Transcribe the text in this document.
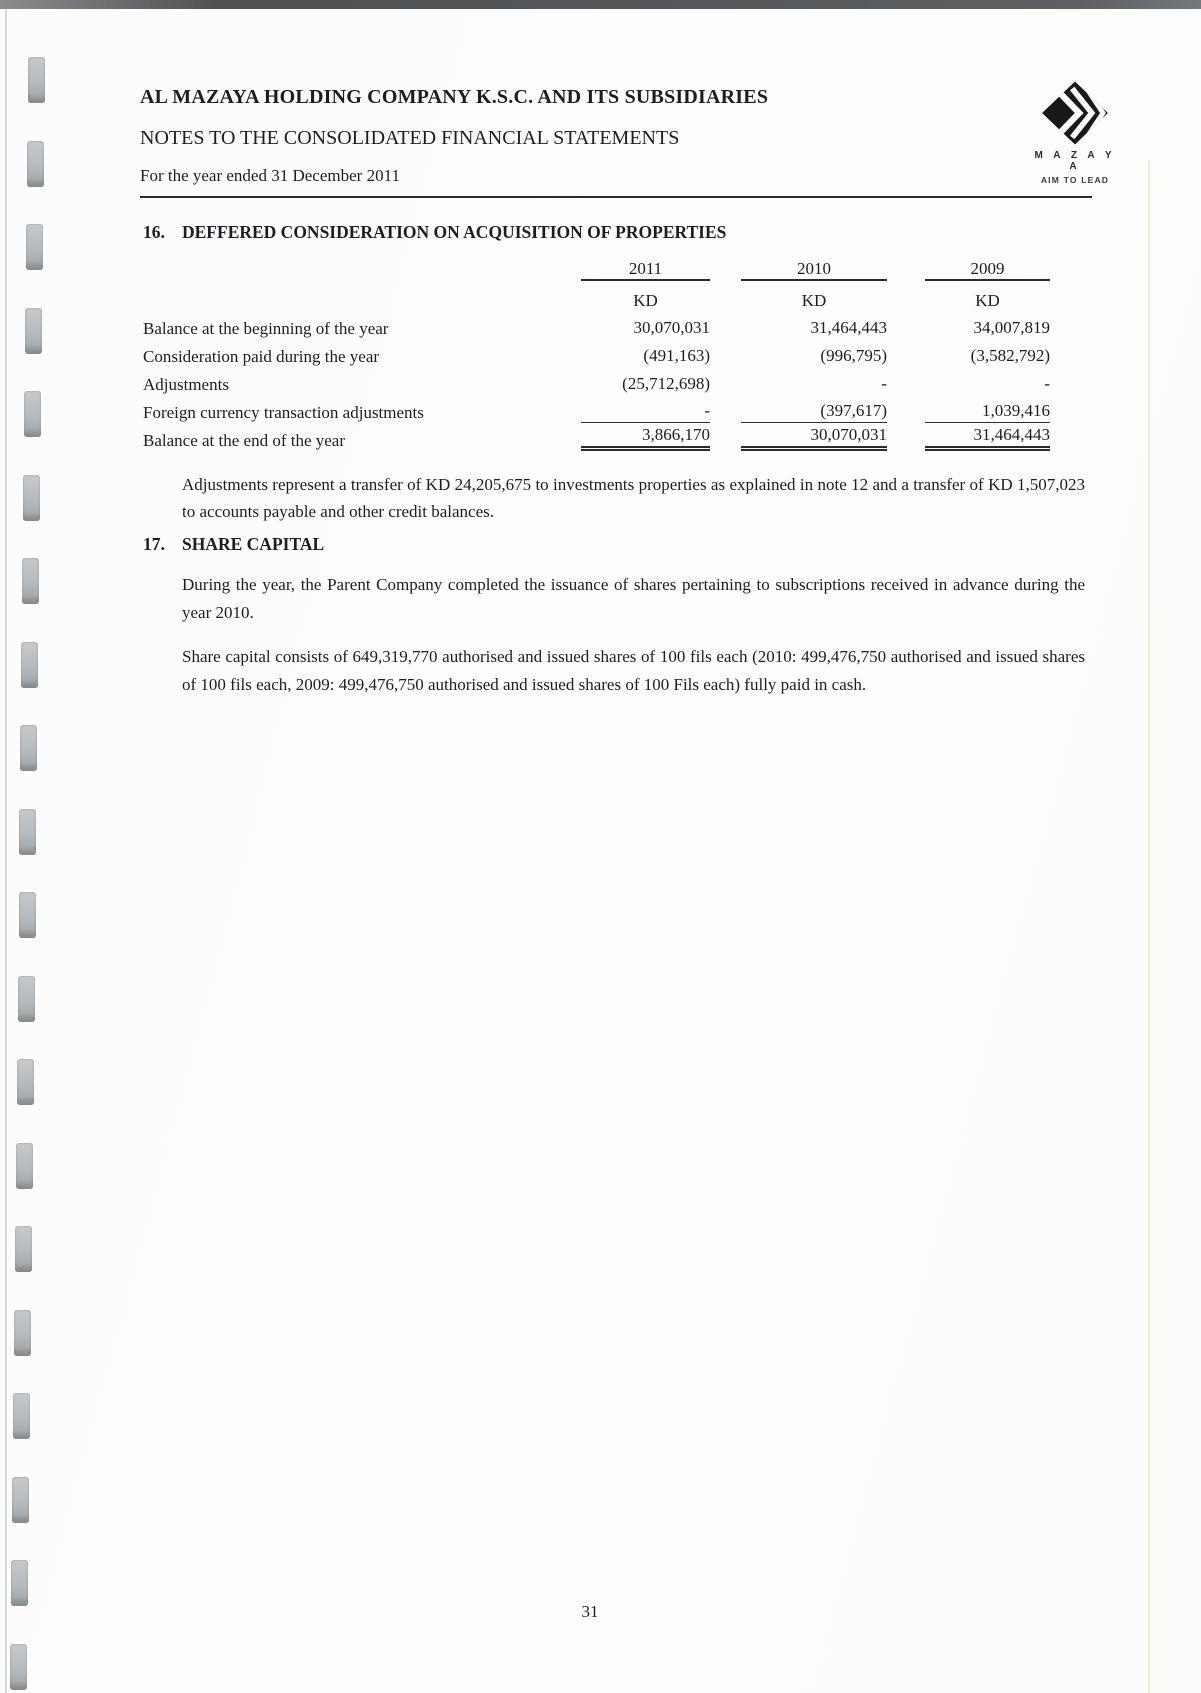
AL MAZAYA HOLDING COMPANY K.S.C. AND ITS SUBSIDIARIES
NOTES TO THE CONSOLIDATED FINANCIAL STATEMENTS
For the year ended 31 December 2011
M A Z A Y A
AIM TO LEAD
16. DEFFERED CONSIDERATION ON ACQUISITION OF PROPERTIES
2011	2010	2009
KD	KD	KD
Balance at the beginning of the year	30,070,031	31,464,443	34,007,819
Consideration paid during the year	(491,163)	(996,795)	(3,582,792)
Adjustments	(25,712,698)	-	-
Foreign currency transaction adjustments	-	(397,617)	1,039,416
Balance at the end of the year	3,866,170	30,070,031	31,464,443
Adjustments represent a transfer of KD 24,205,675 to investments properties as explained in note 12 and a transfer of KD 1,507,023 to accounts payable and other credit balances.
17. SHARE CAPITAL
During the year, the Parent Company completed the issuance of shares pertaining to subscriptions received in advance during the year 2010.
Share capital consists of 649,319,770 authorised and issued shares of 100 fils each (2010: 499,476,750 authorised and issued shares of 100 fils each, 2009: 499,476,750 authorised and issued shares of 100 Fils each) fully paid in cash.
31
